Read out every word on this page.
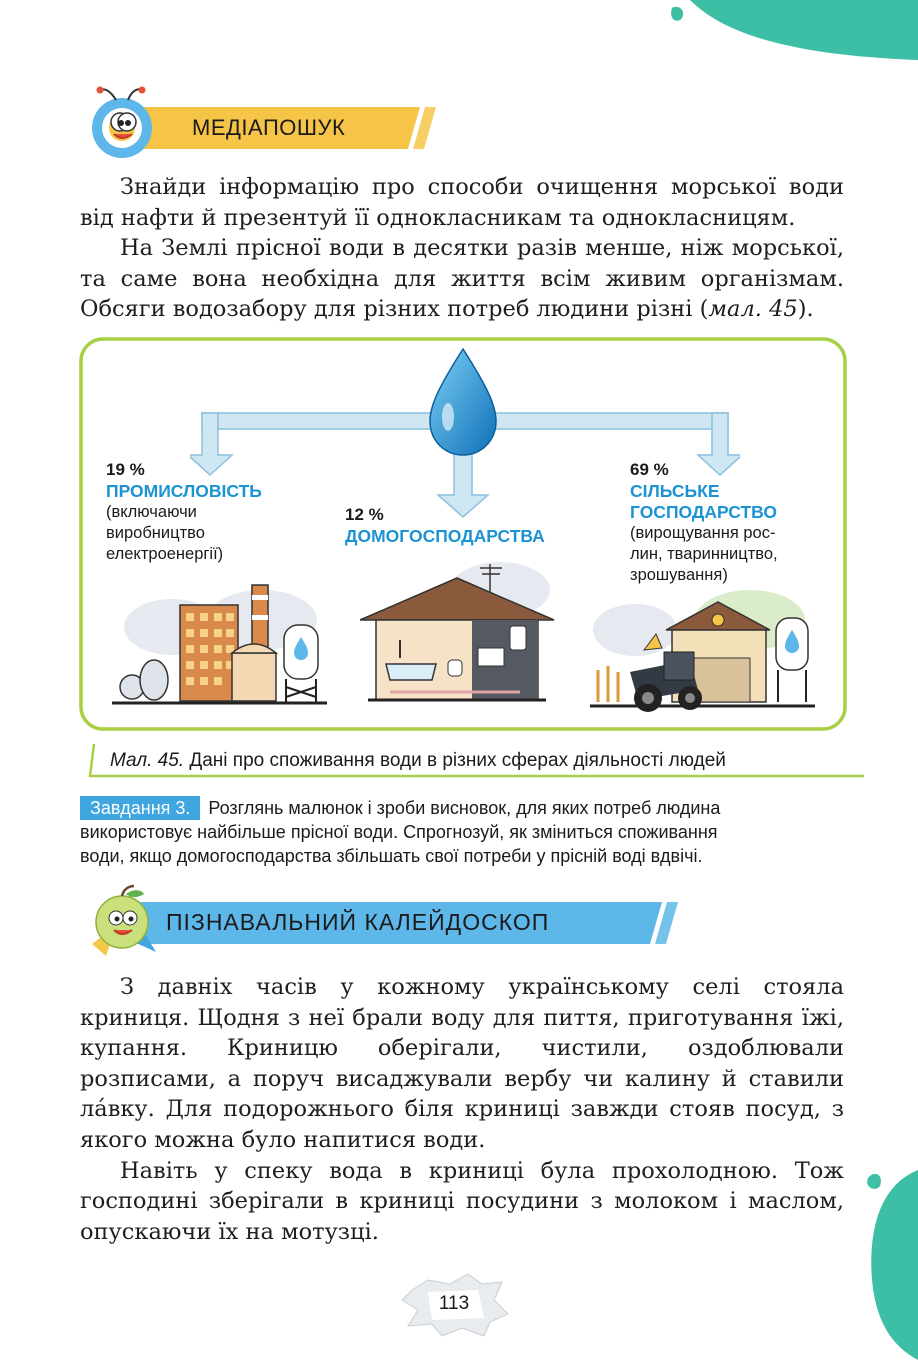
МЕДІАПОШУК

Знайди інформацію про способи очищення морської води від нафти й презентуй її однокласникам та однокласницям.

На Землі прісної води в десятки разів менше, ніж морської, та саме вона необхідна для життя всім живим організмам. Обсяги водозабору для різних потреб людини різні (мал. 45).

19 %
ПРОМИСЛОВІСТЬ
(включаючи
виробництво
електроенергії)
12 %
ДОМОГОСПОДАРСТВА
69 %
СІЛЬСЬКЕ
ГОСПОДАРСТВО
(вирощування рос-
лин, тваринництво,
зрошування)
Мал. 45. Дані про споживання води в різних сферах діяльності людей
Завдання 3. Розглянь малюнок і зроби висновок, для яких потреб людина
використовує найбільше прісної води. Спрогнозуй, як зміниться споживання
води, якщо домогосподарства збільшать свої потреби у прісній воді вдвічі.
ПІЗНАВАЛЬНИЙ КАЛЕЙДОСКОП

З давніх часів у кожному українському селі стояла криниця. Щодня з неї брали воду для пиття, приготування їжі, купання. Криницю оберігали, чистили, оздоблювали розписами, а поруч висаджували вербу чи калину й ставили ла́вку. Для подорожнього біля криниці завжди стояв посуд, з якого можна було напитися води.

Навіть у спеку вода в криниці була прохолодною. Тож господині зберігали в криниці посудини з молоком і маслом, опускаючи їх на мотузці.

113
